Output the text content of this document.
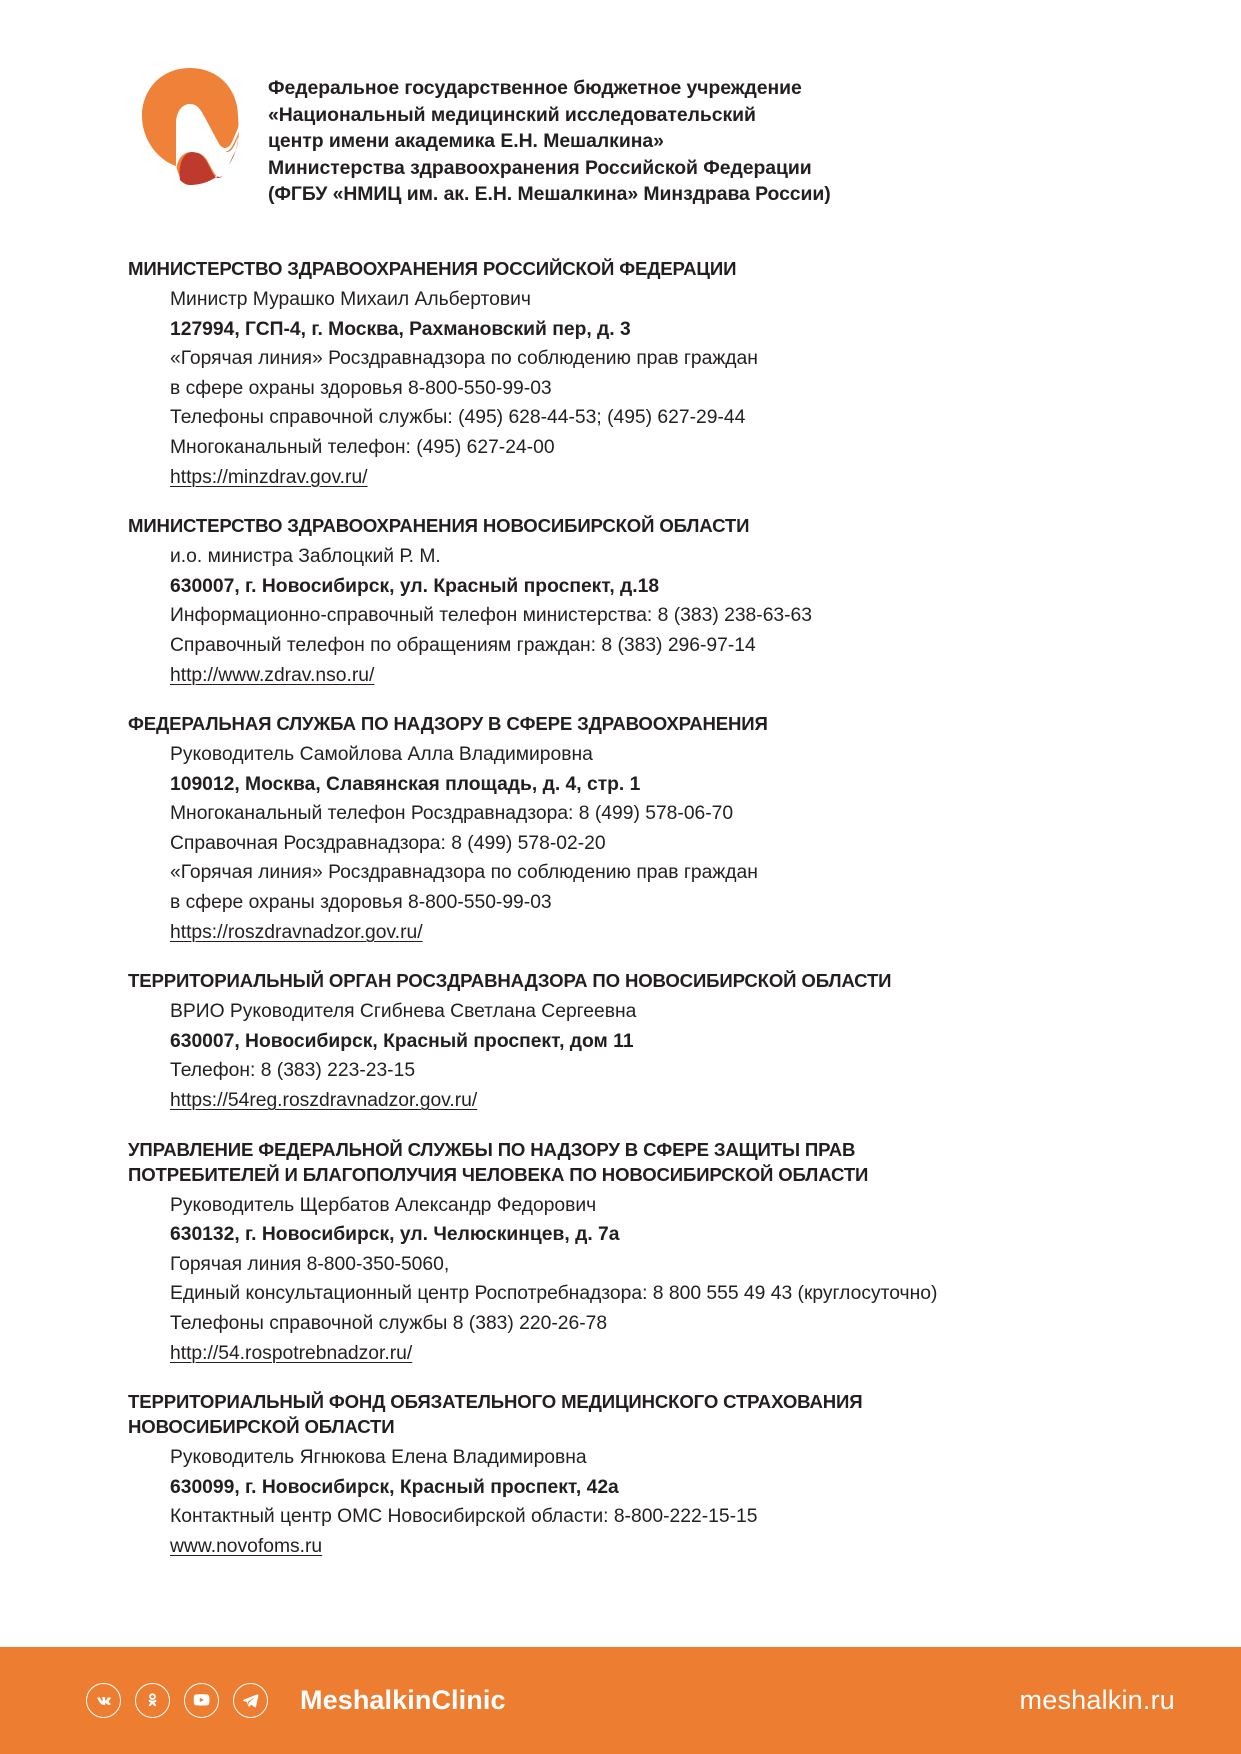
Федеральное государственное бюджетное учреждение
«Национальный медицинский исследовательский
центр имени академика Е.Н. Мешалкина»
Министерства здравоохранения Российской Федерации
(ФГБУ «НМИЦ им. ак. Е.Н. Мешалкина» Минздрава России)
МИНИСТЕРСТВО ЗДРАВООХРАНЕНИЯ РОССИЙСКОЙ ФЕДЕРАЦИИ
Министр Мурашко Михаил Альбертович
127994, ГСП-4, г. Москва, Рахмановский пер, д. 3
«Горячая линия» Росздравнадзора по соблюдению прав граждан
в сфере охраны здоровья 8-800-550-99-03
Телефоны справочной службы: (495) 628-44-53; (495) 627-29-44
Многоканальный телефон: (495) 627-24-00
https://minzdrav.gov.ru/
МИНИСТЕРСТВО ЗДРАВООХРАНЕНИЯ НОВОСИБИРСКОЙ ОБЛАСТИ
и.о. министра Заблоцкий Р. М.
630007, г. Новосибирск, ул. Красный проспект, д.18
Информационно-справочный телефон министерства: 8 (383) 238-63-63
Справочный телефон по обращениям граждан: 8 (383) 296-97-14
http://www.zdrav.nso.ru/
ФЕДЕРАЛЬНАЯ СЛУЖБА ПО НАДЗОРУ В СФЕРЕ ЗДРАВООХРАНЕНИЯ
Руководитель Самойлова Алла Владимировна
109012, Москва, Славянская площадь, д. 4, стр. 1
Многоканальный телефон Росздравнадзора: 8 (499) 578-06-70
Справочная Росздравнадзора: 8 (499) 578-02-20
«Горячая линия» Росздравнадзора по соблюдению прав граждан
в сфере охраны здоровья 8-800-550-99-03
https://roszdravnadzor.gov.ru/
ТЕРРИТОРИАЛЬНЫЙ ОРГАН РОСЗДРАВНАДЗОРА ПО НОВОСИБИРСКОЙ ОБЛАСТИ
ВРИО Руководителя Сгибнева Светлана Сергеевна
630007, Новосибирск, Красный проспект, дом 11
Телефон: 8 (383) 223-23-15
https://54reg.roszdravnadzor.gov.ru/
УПРАВЛЕНИЕ ФЕДЕРАЛЬНОЙ СЛУЖБЫ ПО НАДЗОРУ В СФЕРЕ ЗАЩИТЫ ПРАВ
ПОТРЕБИТЕЛЕЙ И БЛАГОПОЛУЧИЯ ЧЕЛОВЕКА ПО НОВОСИБИРСКОЙ ОБЛАСТИ
Руководитель Щербатов Александр Федорович
630132, г. Новосибирск, ул. Челюскинцев, д. 7а
Горячая линия 8-800-350-5060,
Единый консультационный центр Роспотребнадзора: 8 800 555 49 43 (круглосуточно)
Телефоны справочной службы 8 (383) 220-26-78
http://54.rospotrebnadzor.ru/
ТЕРРИТОРИАЛЬНЫЙ ФОНД ОБЯЗАТЕЛЬНОГО МЕДИЦИНСКОГО СТРАХОВАНИЯ
НОВОСИБИРСКОЙ ОБЛАСТИ
Руководитель Ягнюкова Елена Владимировна
630099, г. Новосибирск, Красный проспект, 42а
Контактный центр ОМС Новосибирской области: 8-800-222-15-15
www.novofoms.ru
MeshalkinClinic	meshalkin.ru
